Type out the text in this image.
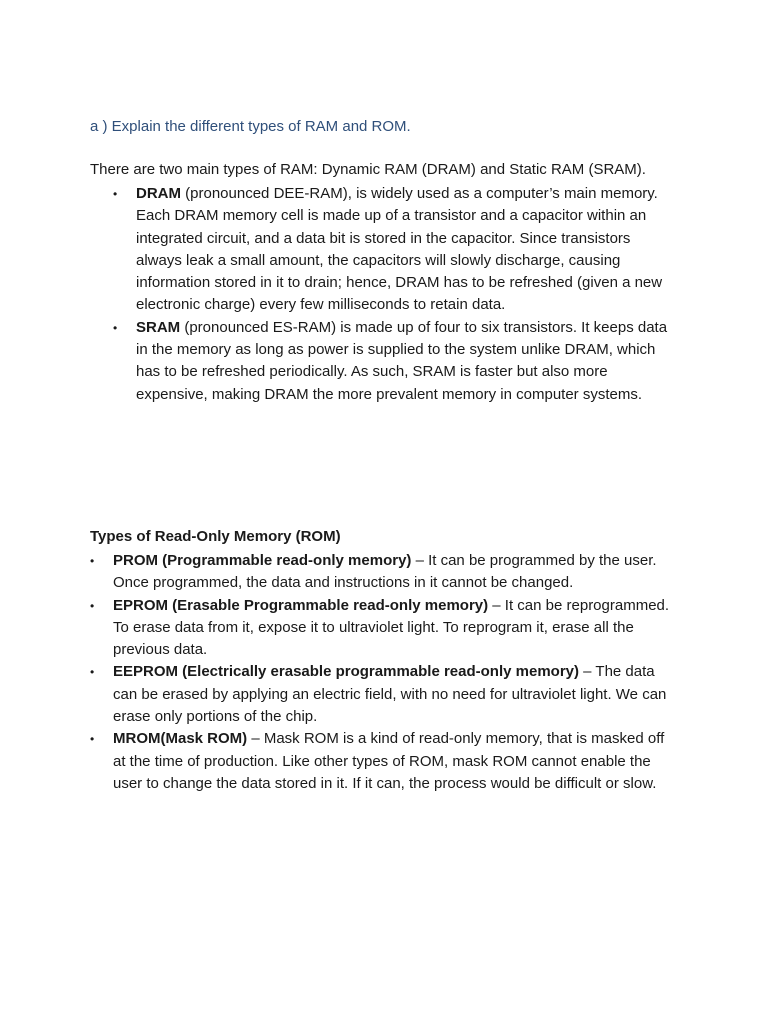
a ) Explain the different types of RAM and ROM.
There are two main types of RAM: Dynamic RAM (DRAM) and Static RAM (SRAM).
• DRAM (pronounced DEE-RAM), is widely used as a computer’s main memory. Each DRAM memory cell is made up of a transistor and a capacitor within an integrated circuit, and a data bit is stored in the capacitor. Since transistors always leak a small amount, the capacitors will slowly discharge, causing information stored in it to drain; hence, DRAM has to be refreshed (given a new electronic charge) every few milliseconds to retain data.
• SRAM (pronounced ES-RAM) is made up of four to six transistors. It keeps data in the memory as long as power is supplied to the system unlike DRAM, which has to be refreshed periodically. As such, SRAM is faster but also more expensive, making DRAM the more prevalent memory in computer systems.
Types of Read-Only Memory (ROM)
• PROM (Programmable read-only memory) – It can be programmed by the user. Once programmed, the data and instructions in it cannot be changed.
• EPROM (Erasable Programmable read-only memory) – It can be reprogrammed. To erase data from it, expose it to ultraviolet light. To reprogram it, erase all the previous data.
• EEPROM (Electrically erasable programmable read-only memory) – The data can be erased by applying an electric field, with no need for ultraviolet light. We can erase only portions of the chip.
• MROM(Mask ROM) – Mask ROM is a kind of read-only memory, that is masked off at the time of production. Like other types of ROM, mask ROM cannot enable the user to change the data stored in it. If it can, the process would be difficult or slow.
